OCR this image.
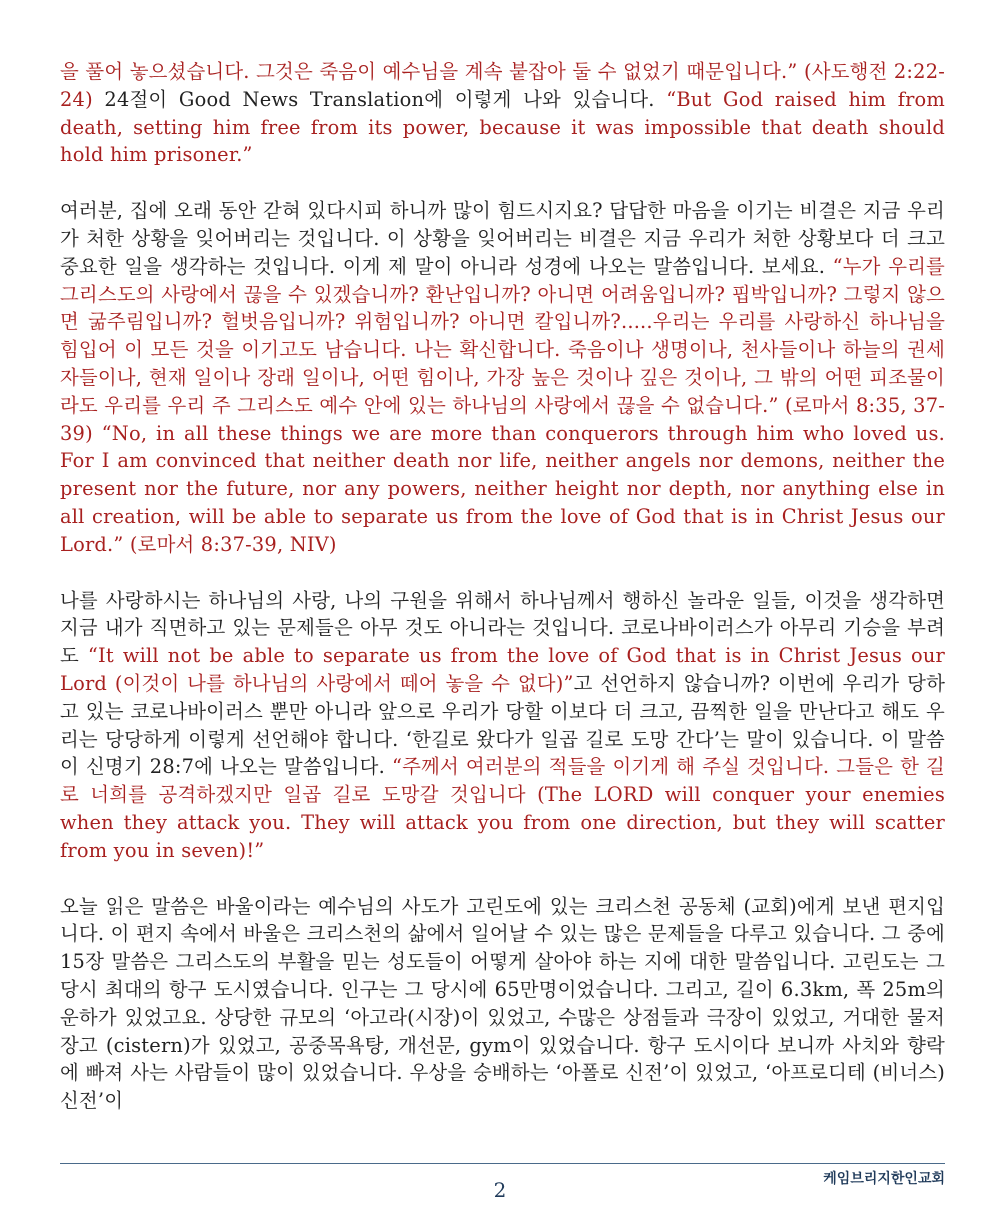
을 풀어 놓으셨습니다. 그것은 죽음이 예수님을 계속 붙잡아 둘 수 없었기 때문입니다.” (사도행전 2:22-24) 24절이 Good News Translation에 이렇게 나와 있습니다. “But God raised him from death, setting him free from its power, because it was impossible that death should hold him prisoner.”

여러분, 집에 오래 동안 갇혀 있다시피 하니까 많이 힘드시지요? 답답한 마음을 이기는 비결은 지금 우리가 처한 상황을 잊어버리는 것입니다. 이 상황을 잊어버리는 비결은 지금 우리가 처한 상황보다 더 크고 중요한 일을 생각하는 것입니다. 이게 제 말이 아니라 성경에 나오는 말씀입니다. 보세요. “누가 우리를 그리스도의 사랑에서 끊을 수 있겠습니까? 환난입니까? 아니면 어려움입니까? 핍박입니까? 그렇지 않으면 굶주림입니까? 헐벗음입니까? 위험입니까? 아니면 칼입니까?.....우리는 우리를 사랑하신 하나님을 힘입어 이 모든 것을 이기고도 남습니다. 나는 확신합니다. 죽음이나 생명이나, 천사들이나 하늘의 권세자들이나, 현재 일이나 장래 일이나, 어떤 힘이나, 가장 높은 것이나 깊은 것이나, 그 밖의 어떤 피조물이라도 우리를 우리 주 그리스도 예수 안에 있는 하나님의 사랑에서 끊을 수 없습니다.” (로마서 8:35, 37-39) “No, in all these things we are more than conquerors through him who loved us. For I am convinced that neither death nor life, neither angels nor demons, neither the present nor the future, nor any powers, neither height nor depth, nor anything else in all creation, will be able to separate us from the love of God that is in Christ Jesus our Lord.” (로마서 8:37-39, NIV)

나를 사랑하시는 하나님의 사랑, 나의 구원을 위해서 하나님께서 행하신 놀라운 일들, 이것을 생각하면 지금 내가 직면하고 있는 문제들은 아무 것도 아니라는 것입니다. 코로나바이러스가 아무리 기승을 부려도 “It will not be able to separate us from the love of God that is in Christ Jesus our Lord (이것이 나를 하나님의 사랑에서 떼어 놓을 수 없다)”고 선언하지 않습니까? 이번에 우리가 당하고 있는 코로나바이러스 뿐만 아니라 앞으로 우리가 당할 이보다 더 크고, 끔찍한 일을 만난다고 해도 우리는 당당하게 이렇게 선언해야 합니다. ‘한길로 왔다가 일곱 길로 도망 간다’는 말이 있습니다. 이 말씀이 신명기 28:7에 나오는 말씀입니다. “주께서 여러분의 적들을 이기게 해 주실 것입니다. 그들은 한 길로 너희를 공격하겠지만 일곱 길로 도망갈 것입니다 (The LORD will conquer your enemies when they attack you. They will attack you from one direction, but they will scatter from you in seven)!”

오늘 읽은 말씀은 바울이라는 예수님의 사도가 고린도에 있는 크리스천 공동체 (교회)에게 보낸 편지입니다. 이 편지 속에서 바울은 크리스천의 삶에서 일어날 수 있는 많은 문제들을 다루고 있습니다. 그 중에 15장 말씀은 그리스도의 부활을 믿는 성도들이 어떻게 살아야 하는 지에 대한 말씀입니다. 고린도는 그 당시 최대의 항구 도시였습니다. 인구는 그 당시에 65만명이었습니다. 그리고, 길이 6.3km, 폭 25m의 운하가 있었고요. 상당한 규모의 ‘아고라(시장)이 있었고, 수많은 상점들과 극장이 있었고, 거대한 물저장고 (cistern)가 있었고, 공중목욕탕, 개선문, gym이 있었습니다. 항구 도시이다 보니까 사치와 향락에 빠져 사는 사람들이 많이 있었습니다. 우상을 숭배하는 ‘아폴로 신전’이 있었고, ‘아프로디테 (비너스) 신전’이

케임브리지한인교회
2
